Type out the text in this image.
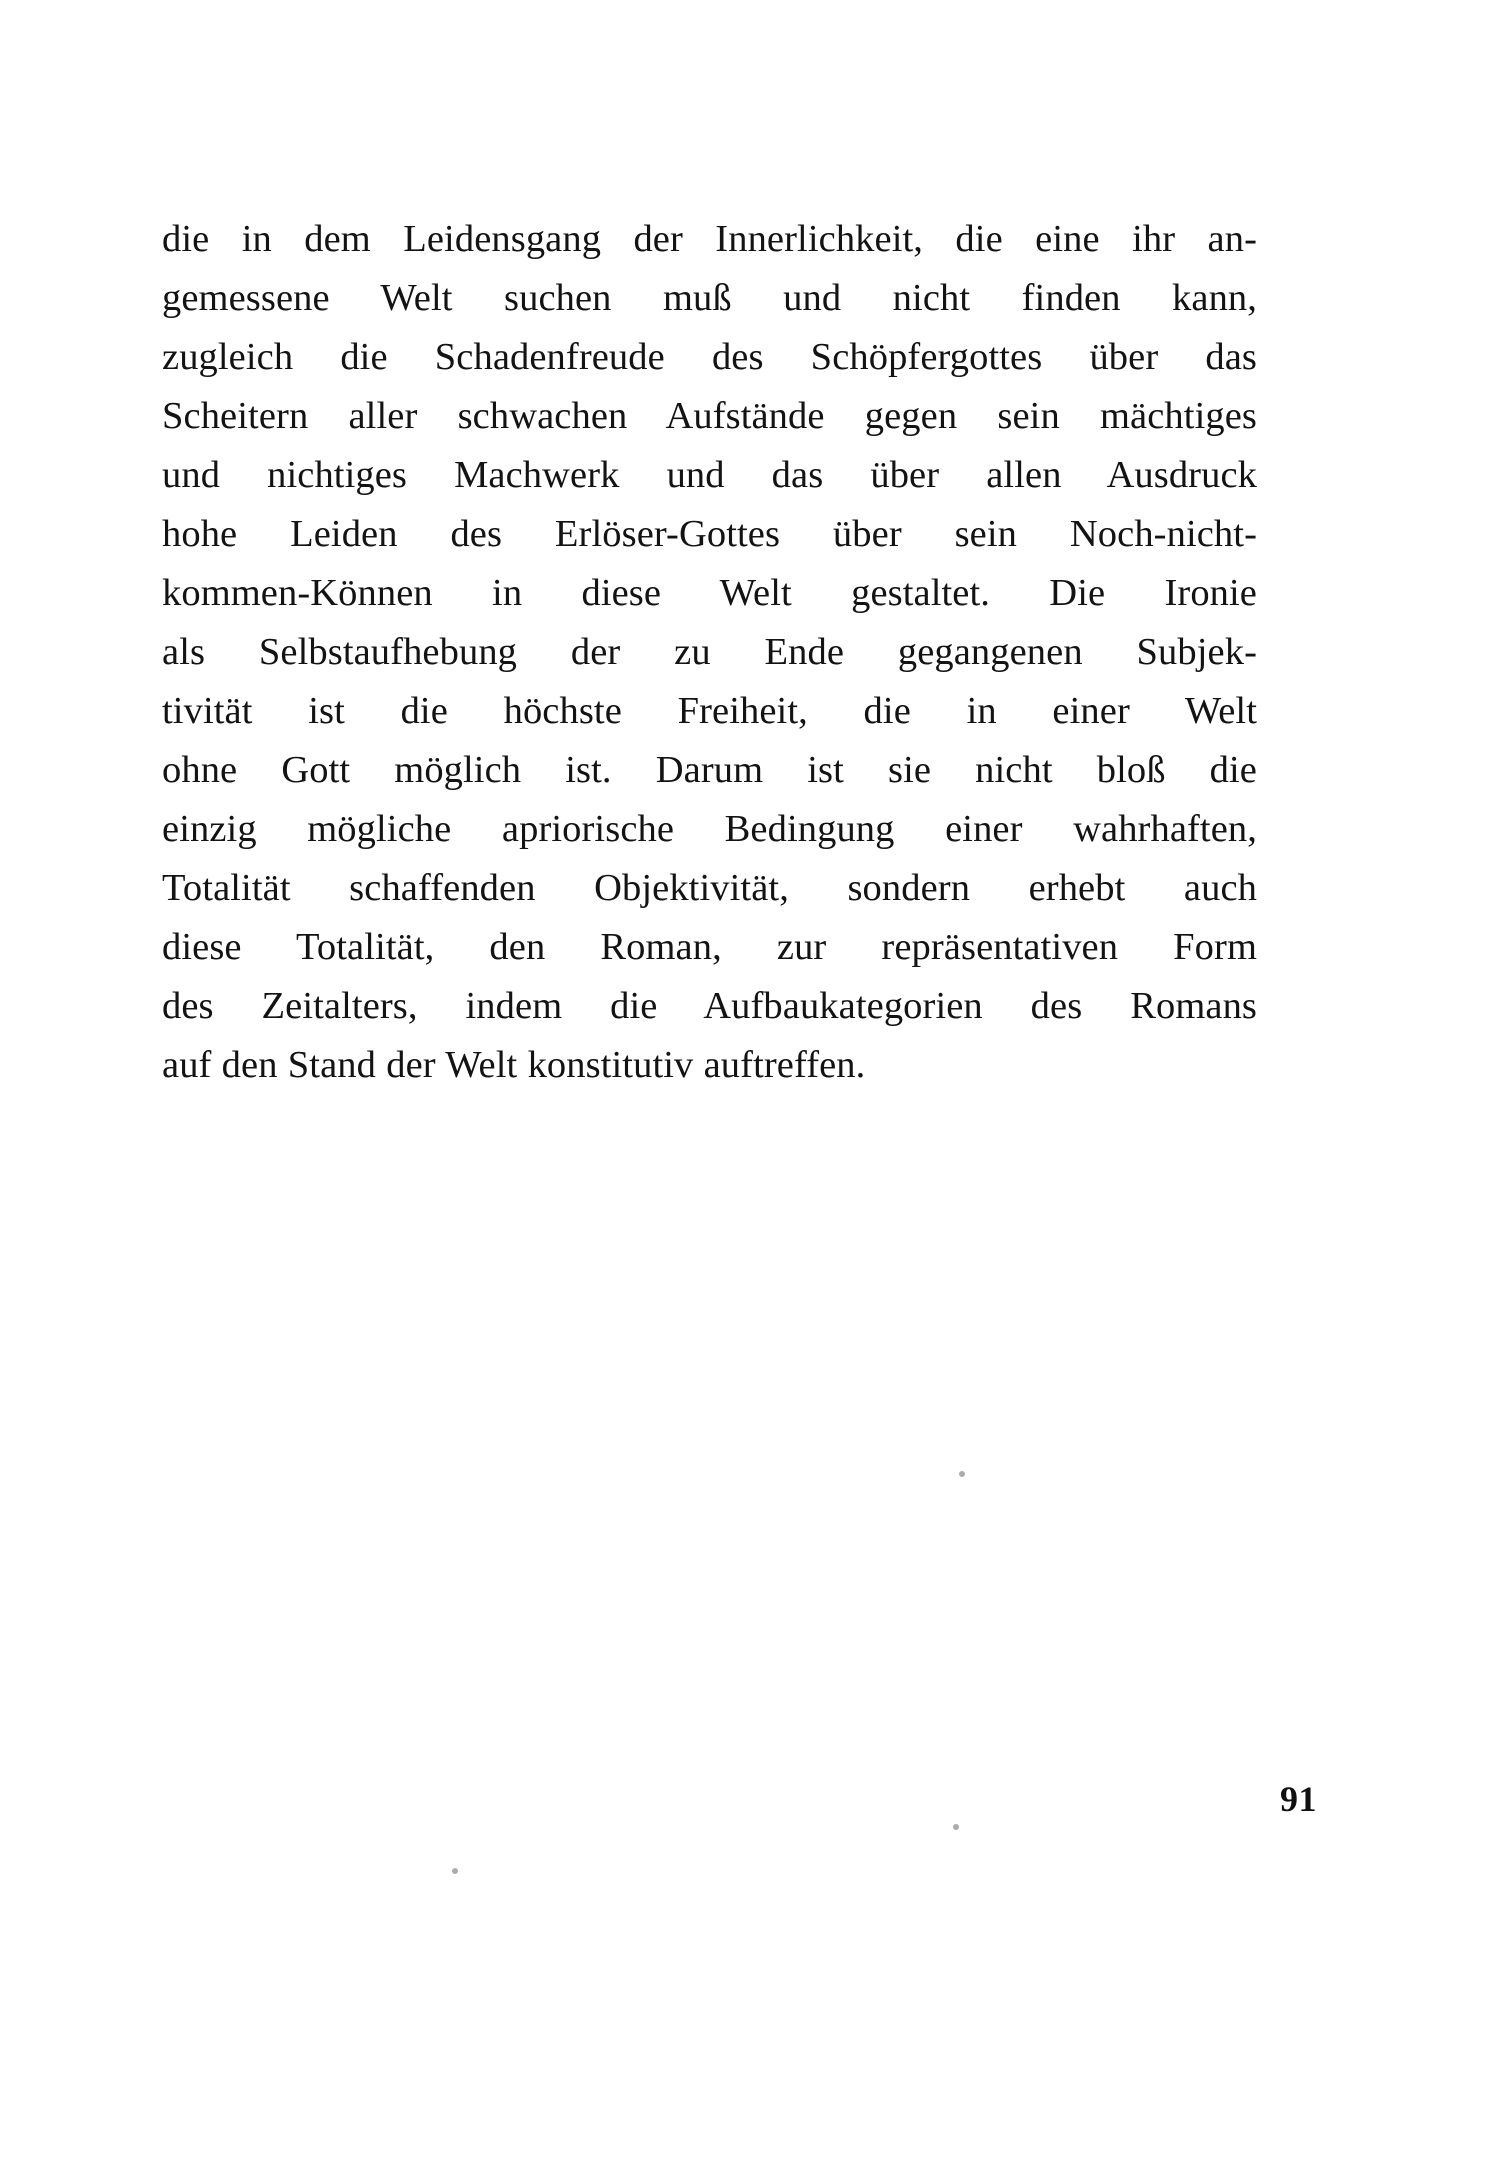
die in dem Leidensgang der Innerlichkeit, die eine ihr an-
gemessene Welt suchen muß und nicht finden kann,
zugleich die Schadenfreude des Schöpfergottes über das
Scheitern aller schwachen Aufstände gegen sein mächtiges
und nichtiges Machwerk und das über allen Ausdruck
hohe Leiden des Erlöser-Gottes über sein Noch-nicht-
kommen-Können in diese Welt gestaltet. Die Ironie
als Selbstaufhebung der zu Ende gegangenen Subjek-
tivität ist die höchste Freiheit, die in einer Welt
ohne Gott möglich ist. Darum ist sie nicht bloß die
einzig mögliche apriorische Bedingung einer wahrhaften,
Totalität schaffenden Objektivität, sondern erhebt auch
diese Totalität, den Roman, zur repräsentativen Form
des Zeitalters, indem die Aufbaukategorien des Romans
auf den Stand der Welt konstitutiv auftreffen.

91
